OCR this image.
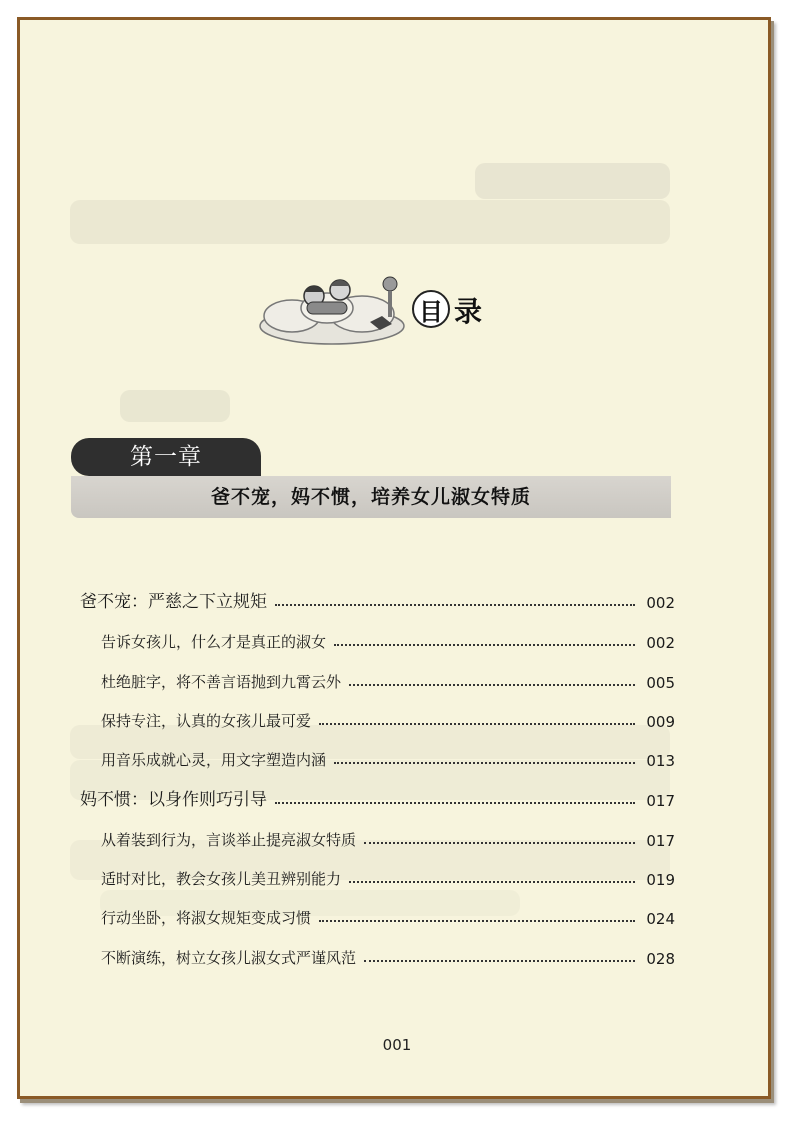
目 录
第一章
爸不宠，妈不惯，培养女儿淑女特质
爸不宠：严慈之下立规矩	002
告诉女孩儿，什么才是真正的淑女	002
杜绝脏字，将不善言语抛到九霄云外	005
保持专注，认真的女孩儿最可爱	009
用音乐成就心灵，用文字塑造内涵	013
妈不惯：以身作则巧引导	017
从着装到行为，言谈举止提亮淑女特质	017
适时对比，教会女孩儿美丑辨别能力	019
行动坐卧，将淑女规矩变成习惯	024
不断演练，树立女孩儿淑女式严谨风范	028
001
